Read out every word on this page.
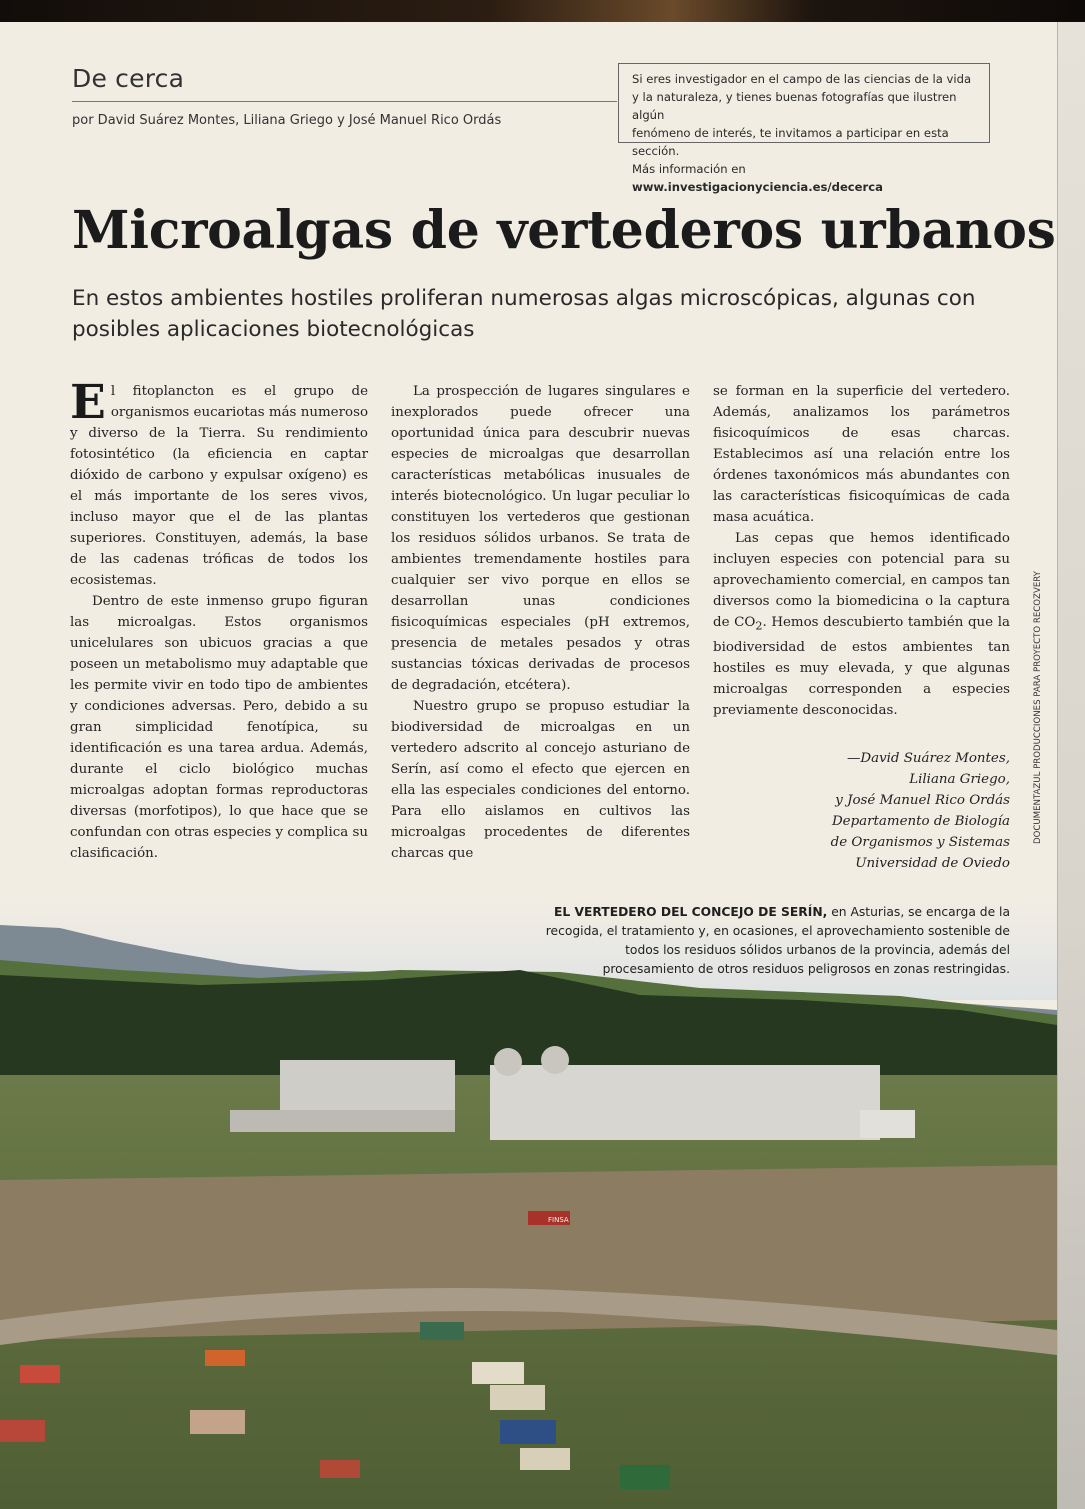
De cerca
por David Suárez Montes, Liliana Griego y José Manuel Rico Ordás
Si eres investigador en el campo de las ciencias de la vida
y la naturaleza, y tienes buenas fotografías que ilustren algún
fenómeno de interés, te invitamos a participar en esta sección.
Más información en www.investigacionyciencia.es/decerca
Microalgas de vertederos urbanos
En estos ambientes hostiles proliferan numerosas algas microscópicas, algunas con posibles aplicaciones biotecnológicas

El fitoplancton es el grupo de organismos eucariotas más numeroso y diverso de la Tierra. Su rendimiento fotosintético (la eficiencia en captar dióxido de carbono y expulsar oxígeno) es el más importante de los seres vivos, incluso mayor que el de las plantas superiores. Constituyen, además, la base de las cadenas tróficas de todos los ecosistemas.

Dentro de este inmenso grupo figuran las microalgas. Estos organismos unicelulares son ubicuos gracias a que poseen un metabolismo muy adaptable que les permite vivir en todo tipo de ambientes y condiciones adversas. Pero, debido a su gran simplicidad fenotípica, su identificación es una tarea ardua. Además, durante el ciclo biológico muchas microalgas adoptan formas reproductoras diversas (morfotipos), lo que hace que se confundan con otras especies y complica su clasificación.

La prospección de lugares singulares e inexplorados puede ofrecer una oportunidad única para descubrir nuevas especies de microalgas que desarrollan características metabólicas inusuales de interés biotecnológico. Un lugar peculiar lo constituyen los vertederos que gestionan los residuos sólidos urbanos. Se trata de ambientes tremendamente hostiles para cualquier ser vivo porque en ellos se desarrollan unas condiciones fisicoquímicas especiales (pH extremos, presencia de metales pesados y otras sustancias tóxicas derivadas de procesos de degradación, etcétera).

Nuestro grupo se propuso estudiar la biodiversidad de microalgas en un vertedero adscrito al concejo asturiano de Serín, así como el efecto que ejercen en ella las especiales condiciones del entorno. Para ello aislamos en cultivos las microalgas procedentes de diferentes charcas que

se forman en la superficie del vertedero. Además, analizamos los parámetros fisicoquímicos de esas charcas. Establecimos así una relación entre los órdenes taxonómicos más abundantes con las características fisicoquímicas de cada masa acuática.

Las cepas que hemos identificado incluyen especies con potencial para su aprovechamiento comercial, en campos tan diversos como la biomedicina o la captura de $CO_2$. Hemos descubierto también que la biodiversidad de estos ambientes tan hostiles es muy elevada, y que algunas microalgas corresponden a especies previamente desconocidas.

—David Suárez Montes,
Liliana Griego,
y José Manuel Rico Ordás
Departamento de Biología
de Organismos y Sistemas
Universidad de Oviedo

DOCUMENTAZUL PRODUCCIONES PARA PROYECTO RECOZVERY
FINSA
EL VERTEDERO DEL CONCEJO DE SERÍN, en Asturias, se encarga de la recogida, el tratamiento y, en ocasiones, el aprovechamiento sostenible de todos los residuos sólidos urbanos de la provincia, además del procesamiento de otros residuos peligrosos en zonas restringidas.
